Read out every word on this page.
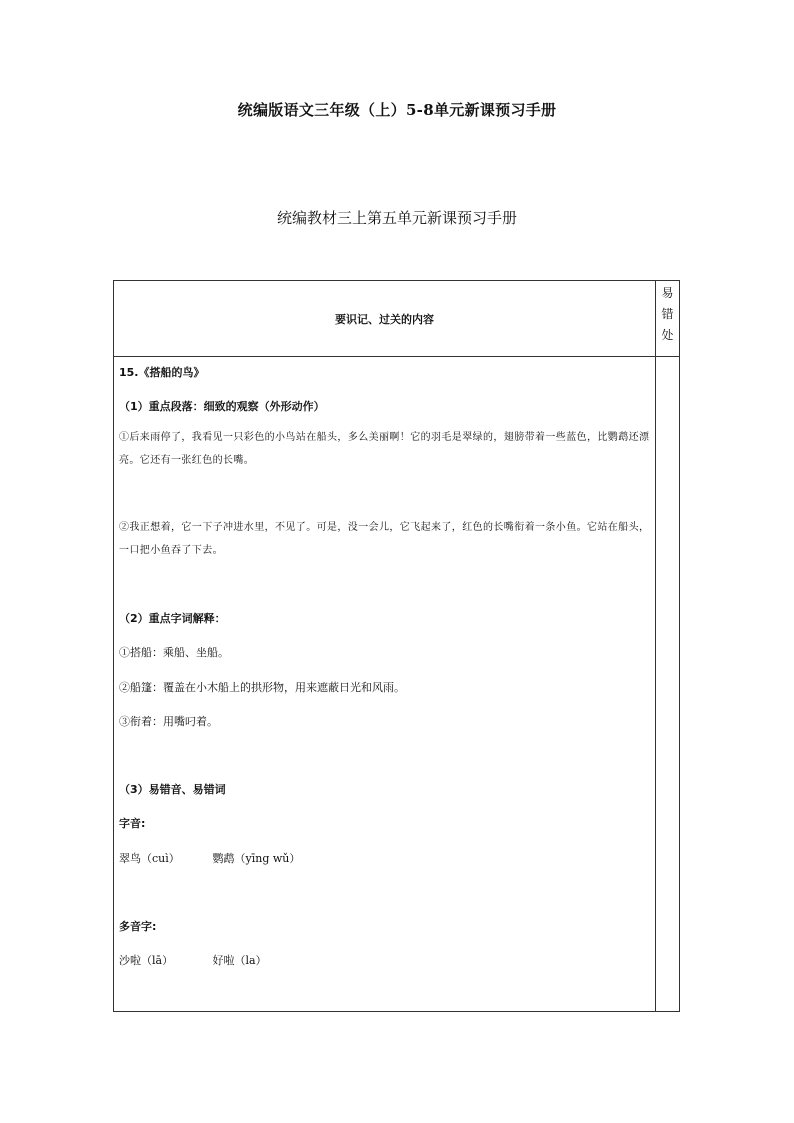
统编版语文三年级（上）5-8单元新课预习手册
统编教材三上第五单元新课预习手册
要识记、过关的内容
易
错
处
15.《搭船的鸟》
（1）重点段落：细致的观察（外形动作）
①后来雨停了，我看见一只彩色的小鸟站在船头，多么美丽啊！它的羽毛是翠绿的，翅膀带着一些蓝色，比鹦鹉还漂亮。它还有一张红色的长嘴。
②我正想着，它一下子冲进水里，不见了。可是，没一会儿，它飞起来了，红色的长嘴衔着一条小鱼。它站在船头，一口把小鱼吞了下去。
（2）重点字词解释：
①搭船：乘船、坐船。
②船篷：覆盖在小木船上的拱形物，用来遮蔽日光和风雨。
③衔着：用嘴叼着。
（3）易错音、易错词
字音:
翠鸟（cuì）	鹦鹉（yīng wǔ）
多音字:
沙啦（lā）	好啦（la）
